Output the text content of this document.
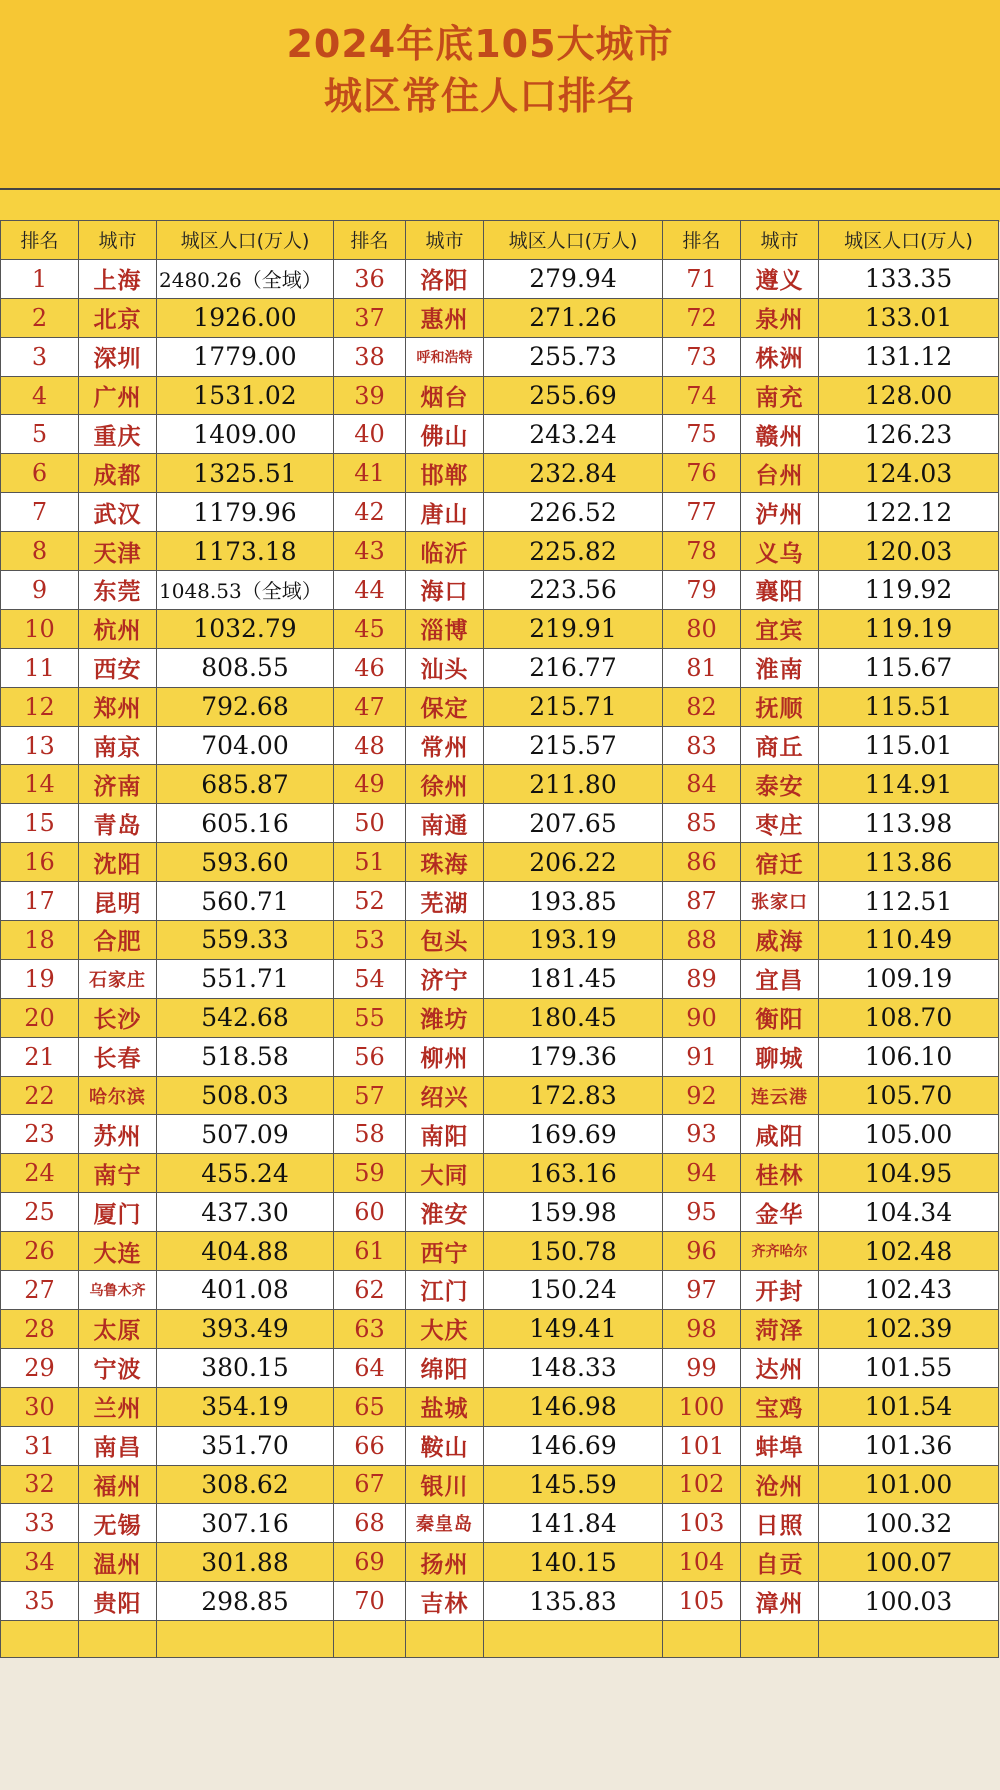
2024年底105大城市城区常住人口排名
排名	城市	城区人口(万人)
1	上海	2480.26（全域）
2	北京	1926.00
3	深圳	1779.00
4	广州	1531.02
5	重庆	1409.00
6	成都	1325.51
7	武汉	1179.96
8	天津	1173.18
9	东莞	1048.53（全域）
10	杭州	1032.79
11	西安	808.55
12	郑州	792.68
13	南京	704.00
14	济南	685.87
15	青岛	605.16
16	沈阳	593.60
17	昆明	560.71
18	合肥	559.33
19	石家庄	551.71
20	长沙	542.68
21	长春	518.58
22	哈尔滨	508.03
23	苏州	507.09
24	南宁	455.24
25	厦门	437.30
26	大连	404.88
27	乌鲁木齐	401.08
28	太原	393.49
29	宁波	380.15
30	兰州	354.19
31	南昌	351.70
32	福州	308.62
33	无锡	307.16
34	温州	301.88
35	贵阳	298.85

排名	城市	城区人口(万人)
36	洛阳	279.94
37	惠州	271.26
38	呼和浩特	255.73
39	烟台	255.69
40	佛山	243.24
41	邯郸	232.84
42	唐山	226.52
43	临沂	225.82
44	海口	223.56
45	淄博	219.91
46	汕头	216.77
47	保定	215.71
48	常州	215.57
49	徐州	211.80
50	南通	207.65
51	珠海	206.22
52	芜湖	193.85
53	包头	193.19
54	济宁	181.45
55	潍坊	180.45
56	柳州	179.36
57	绍兴	172.83
58	南阳	169.69
59	大同	163.16
60	淮安	159.98
61	西宁	150.78
62	江门	150.24
63	大庆	149.41
64	绵阳	148.33
65	盐城	146.98
66	鞍山	146.69
67	银川	145.59
68	秦皇岛	141.84
69	扬州	140.15
70	吉林	135.83

排名	城市	城区人口(万人)
71	遵义	133.35
72	泉州	133.01
73	株洲	131.12
74	南充	128.00
75	赣州	126.23
76	台州	124.03
77	泸州	122.12
78	义乌	120.03
79	襄阳	119.92
80	宜宾	119.19
81	淮南	115.67
82	抚顺	115.51
83	商丘	115.01
84	泰安	114.91
85	枣庄	113.98
86	宿迁	113.86
87	张家口	112.51
88	威海	110.49
89	宜昌	109.19
90	衡阳	108.70
91	聊城	106.10
92	连云港	105.70
93	咸阳	105.00
94	桂林	104.95
95	金华	104.34
96	齐齐哈尔	102.48
97	开封	102.43
98	菏泽	102.39
99	达州	101.55
100	宝鸡	101.54
101	蚌埠	101.36
102	沧州	101.00
103	日照	100.32
104	自贡	100.07
105	漳州	100.03
